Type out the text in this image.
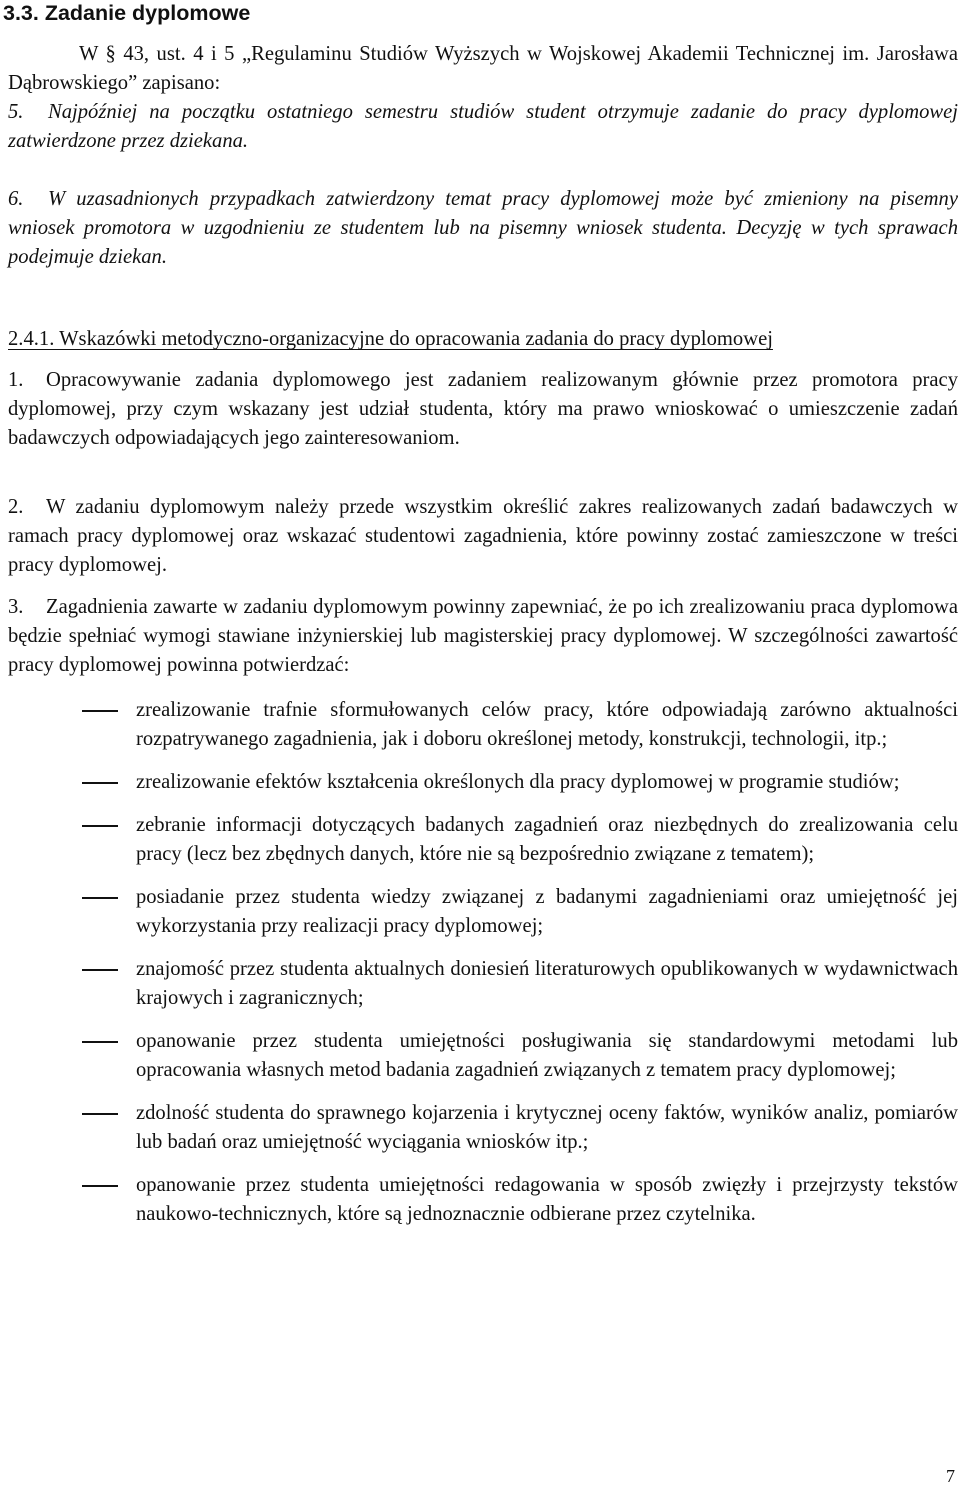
3.3. Zadanie dyplomowe
W § 43, ust. 4 i 5 „Regulaminu Studiów Wyższych w Wojskowej Akademii Technicznej im. Jarosława Dąbrowskiego” zapisano:
5. Najpóźniej na początku ostatniego semestru studiów student otrzymuje zadanie do pracy dyplomowej zatwierdzone przez dziekana.
6. W uzasadnionych przypadkach zatwierdzony temat pracy dyplomowej może być zmieniony na pisemny wniosek promotora w uzgodnieniu ze studentem lub na pisemny wniosek studenta. Decyzję w tych sprawach podejmuje dziekan.
2.4.1. Wskazówki metodyczno-organizacyjne do opracowania zadania do pracy dyplomowej
1. Opracowywanie zadania dyplomowego jest zadaniem realizowanym głównie przez promotora pracy dyplomowej, przy czym wskazany jest udział studenta, który ma prawo wnioskować o umieszczenie zadań badawczych odpowiadających jego zainteresowaniom.
2. W zadaniu dyplomowym należy przede wszystkim określić zakres realizowanych zadań badawczych w ramach pracy dyplomowej oraz wskazać studentowi zagadnienia, które powinny zostać zamieszczone w treści pracy dyplomowej.
3. Zagadnienia zawarte w zadaniu dyplomowym powinny zapewniać, że po ich zrealizowaniu praca dyplomowa będzie spełniać wymogi stawiane inżynierskiej lub magisterskiej pracy dyplomowej. W szczególności zawartość pracy dyplomowej powinna potwierdzać:
zrealizowanie trafnie sformułowanych celów pracy, które odpowiadają zarówno aktualności rozpatrywanego zagadnienia, jak i doboru określonej metody, konstrukcji, technologii, itp.;
zrealizowanie efektów kształcenia określonych dla pracy dyplomowej w programie studiów;
zebranie informacji dotyczących badanych zagadnień oraz niezbędnych do zrealizowania celu pracy (lecz bez zbędnych danych, które nie są bezpośrednio związane z tematem);
posiadanie przez studenta wiedzy związanej z badanymi zagadnieniami oraz umiejętność jej wykorzystania przy realizacji pracy dyplomowej;
znajomość przez studenta aktualnych doniesień literaturowych opublikowanych w wydawnictwach krajowych i zagranicznych;
opanowanie przez studenta umiejętności posługiwania się standardowymi metodami lub opracowania własnych metod badania zagadnień związanych z tematem pracy dyplomowej;
zdolność studenta do sprawnego kojarzenia i krytycznej oceny faktów, wyników analiz, pomiarów lub badań oraz umiejętność wyciągania wniosków itp.;
opanowanie przez studenta umiejętności redagowania w sposób zwięzły i przejrzysty tekstów naukowo-technicznych, które są jednoznacznie odbierane przez czytelnika.
7
